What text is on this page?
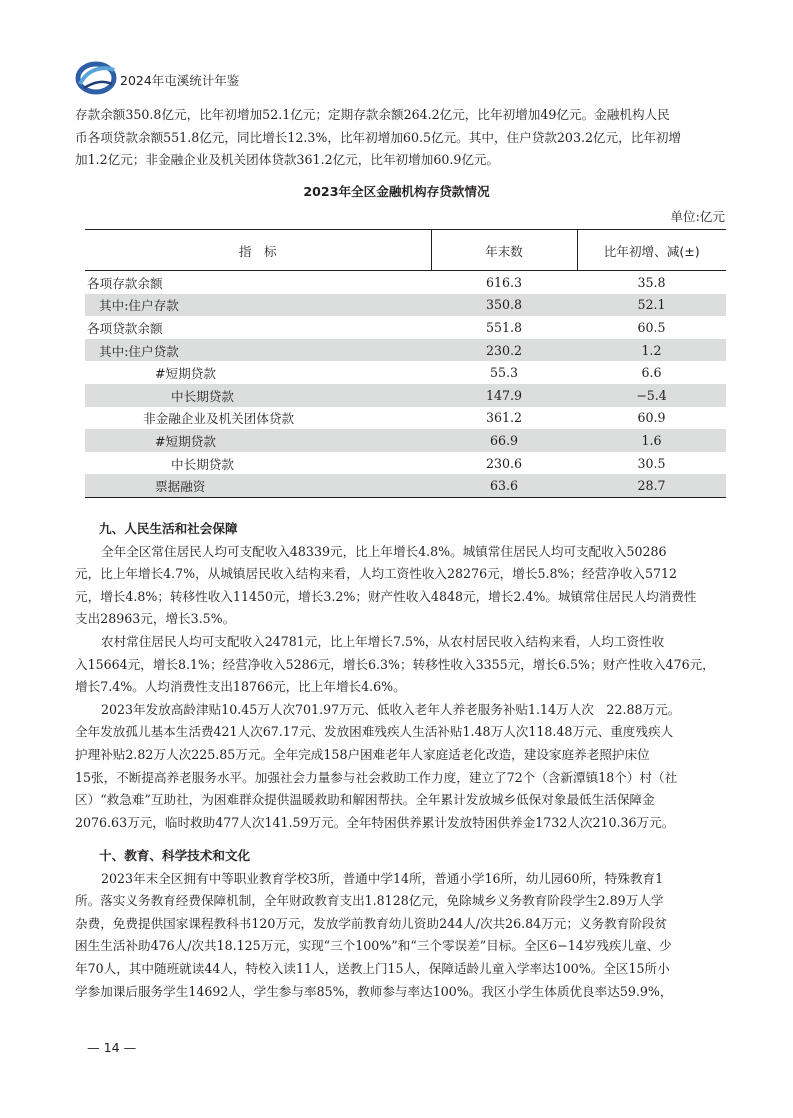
2024年屯溪统计年鉴
存款余额350.8亿元，比年初增加52.1亿元；定期存款余额264.2亿元，比年初增加49亿元。金融机构人民
币各项贷款余额551.8亿元，同比增长12.3%，比年初增加60.5亿元。其中，住户贷款203.2亿元，比年初增
加1.2亿元；非金融企业及机关团体贷款361.2亿元，比年初增加60.9亿元。
2023年全区金融机构存贷款情况
单位:亿元
指　标	年末数	比年初增、减(±)
各项存款余额	616.3	35.8
其中:住户存款	350.8	52.1
各项贷款余额	551.8	60.5
其中:住户贷款	230.2	1.2
#短期贷款	55.3	6.6
中长期贷款	147.9	−5.4
非金融企业及机关团体贷款	361.2	60.9
#短期贷款	66.9	1.6
中长期贷款	230.6	30.5
票据融资	63.6	28.7
九、人民生活和社会保障
全年全区常住居民人均可支配收入48339元，比上年增长4.8%。城镇常住居民人均可支配收入50286
元，比上年增长4.7%，从城镇居民收入结构来看，人均工资性收入28276元，增长5.8%；经营净收入5712
元，增长4.8%；转移性收入11450元，增长3.2%；财产性收入4848元，增长2.4%。城镇常住居民人均消费性
支出28963元，增长3.5%。
农村常住居民人均可支配收入24781元，比上年增长7.5%，从农村居民收入结构来看，人均工资性收
入15664元，增长8.1%；经营净收入5286元，增长6.3%；转移性收入3355元，增长6.5%；财产性收入476元，
增长7.4%。人均消费性支出18766元，比上年增长4.6%。
2023年发放高龄津贴10.45万人次701.97万元、低收入老年人养老服务补贴1.14万人次　22.88万元。
全年发放孤儿基本生活费421人次67.17元、发放困难残疾人生活补贴1.48万人次118.48万元、重度残疾人
护理补贴2.82万人次225.85万元。全年完成158户困难老年人家庭适老化改造，建设家庭养老照护床位
15张，不断提高养老服务水平。加强社会力量参与社会救助工作力度，建立了72个（含新潭镇18个）村（社
区）“救急难”互助社，为困难群众提供温暖救助和解困帮扶。全年累计发放城乡低保对象最低生活保障金
2076.63万元，临时救助477人次141.59万元。全年特困供养累计发放特困供养金1732人次210.36万元。
十、教育、科学技术和文化
2023年末全区拥有中等职业教育学校3所，普通中学14所，普通小学16所，幼儿园60所，特殊教育1
所。落实义务教育经费保障机制，全年财政教育支出1.8128亿元，免除城乡义务教育阶段学生2.89万人学
杂费，免费提供国家课程教科书120万元，发放学前教育幼儿资助244人/次共26.84万元；义务教育阶段贫
困生生活补助476人/次共18.125万元，实现“三个100%”和“三个零误差”目标。全区6−14岁残疾儿童、少
年70人，其中随班就读44人，特校入读11人，送教上门15人，保障适龄儿童入学率达100%。全区15所小
学参加课后服务学生14692人，学生参与率85%，教师参与率达100%。我区小学生体质优良率达59.9%，
— 14 —
